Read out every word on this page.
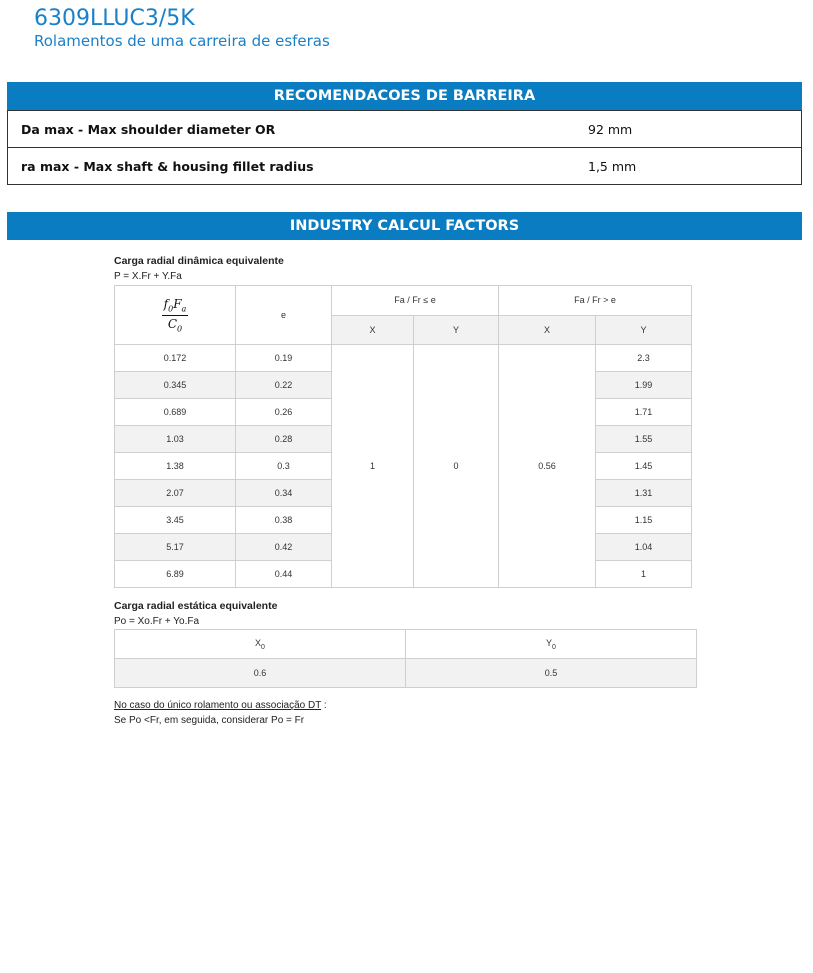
6309LLUC3/5K
Rolamentos de uma carreira de esferas
RECOMENDACOES DE BARREIRA
Da max - Max shoulder diameter OR	92 mm
ra max - Max shaft & housing fillet radius	1,5 mm
INDUSTRY CALCUL FACTORS
Carga radial dinâmica equivalente
P = X.Fr + Y.Fa
$\frac{f_0F_a}{C_0}$	e	Fa / Fr ≤ e		Fa / Fr > e	
		X	Y	X	Y
0.172	0.19	1	0	0.56	2.3
0.345	0.22				1.99
0.689	0.26				1.71
1.03	0.28				1.55
1.38	0.3				1.45
2.07	0.34				1.31
3.45	0.38				1.15
5.17	0.42				1.04
6.89	0.44				1
Carga radial estática equivalente
Po = Xo.Fr + Yo.Fa
$X_0$	$Y_0$
0.6	0.5
No caso do único rolamento ou associação DT :
Se Po <Fr, em seguida, considerar Po = Fr
